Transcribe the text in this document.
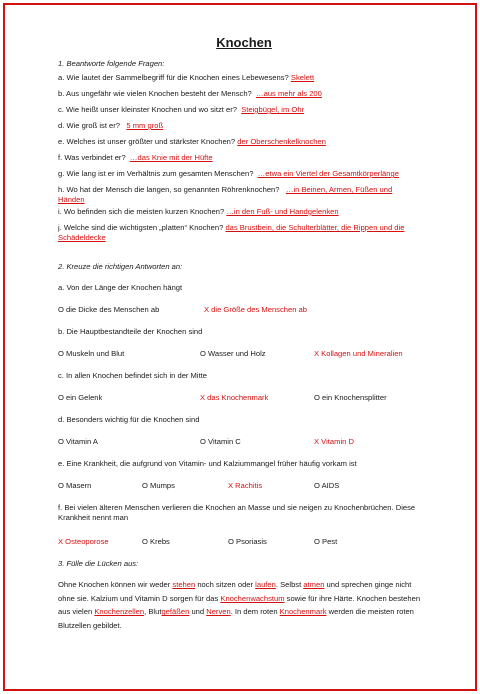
Knochen
1. Beantworte folgende Fragen:
a. Wie lautet der Sammelbegriff für die Knochen eines Lebewesens? Skelett
b. Aus ungefähr wie vielen Knochen besteht der Mensch? …aus mehr als 200
c. Wie heißt unser kleinster Knochen und wo sitzt er? Steigbügel, im Ohr
d. Wie groß ist er? 5 mm groß
e. Welches ist unser größter und stärkster Knochen? der Oberschenkelknochen
f. Was verbindet er? …das Knie mit der Hüfte
g. Wie lang ist er im Verhältnis zum gesamten Menschen? …etwa ein Viertel der Gesamtkörperlänge
h. Wo hat der Mensch die langen, so genannten Röhrenknochen? …in Beinen, Armen, Füßen und Händen
i. Wo befinden sich die meisten kurzen Knochen? …in den Fuß- und Handgelenken
j. Welche sind die wichtigsten „platten“ Knochen? das Brustbein, die Schulterblätter, die Rippen und die Schädeldecke
2. Kreuze die richtigen Antworten an:
a. Von der Länge der Knochen hängt
O die Dicke des Menschen ab	X die Größe des Menschen ab
b. Die Hauptbestandteile der Knochen sind
O Muskeln und Blut	O Wasser und Holz	X Kollagen und Mineralien
c. In allen Knochen befindet sich in der Mitte
O ein Gelenk	X das Knochenmark	O ein Knochensplitter
d. Besonders wichtig für die Knochen sind
O Vitamin A	O Vitamin C	X Vitamin D
e. Eine Krankheit, die aufgrund von Vitamin- und Kalziummangel früher häufig vorkam ist
O Masern	O Mumps	X Rachitis	O AIDS
f. Bei vielen älteren Menschen verlieren die Knochen an Masse und sie neigen zu Knochenbrüchen. Diese Krankheit nennt man
X Osteoporose	O Krebs	O Psoriasis	O Pest
3. Fülle die Lücken aus:
Ohne Knochen können wir weder stehen noch sitzen oder laufen. Selbst atmen und sprechen ginge nicht ohne sie. Kalzium und Vitamin D sorgen für das Knochenwachstum sowie für ihre Härte. Knochen bestehen aus vielen Knochenzellen, Blutgefäßen und Nerven. In dem roten Knochenmark werden die meisten roten Blutzellen gebildet.
